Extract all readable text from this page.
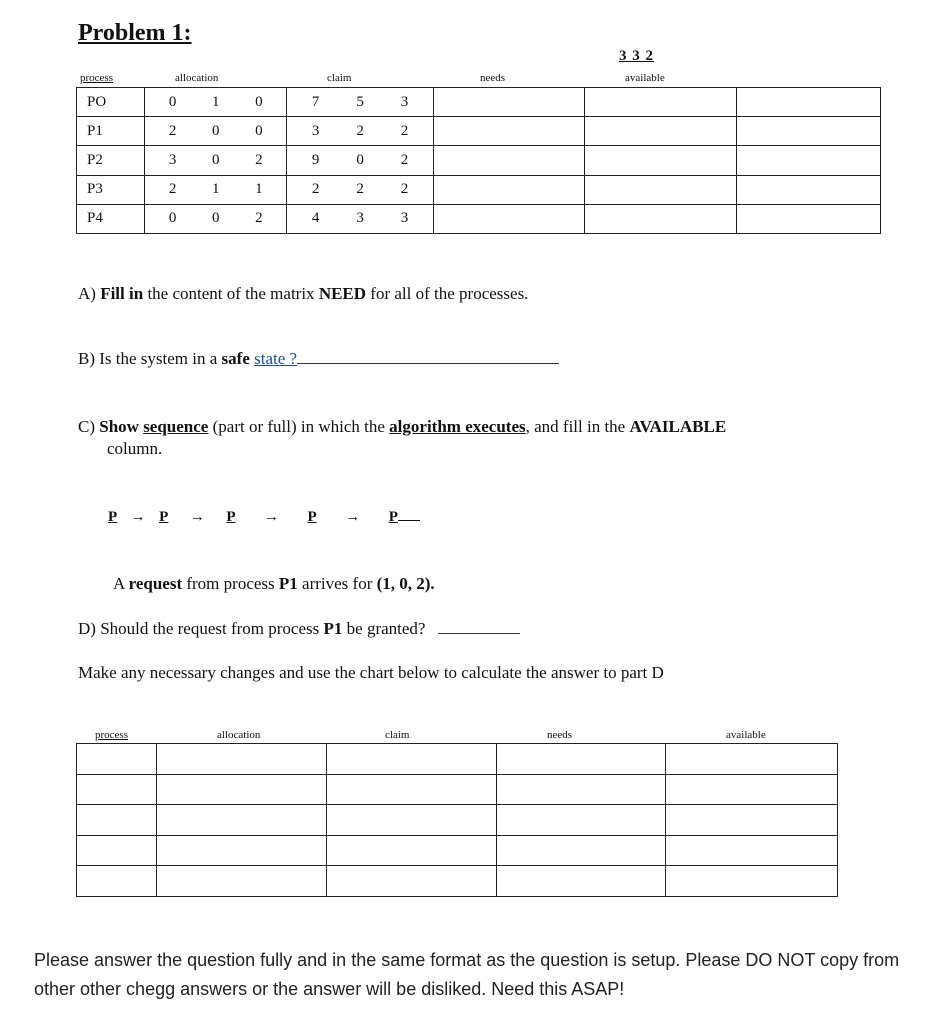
Problem 1:
process	allocation	claim	needs
3 3 2
available
PO	0 1 0	7 5 3			

P1	2 0 0	3 2 2			

P2	3 0 2	9 0 2			

P3	2 1 1	2 2 2			

P4	0 0 2	4 3 3			

A) Fill in the content of the matrix NEED for all of the processes.
B) Is the system in a safe state ?
C) Show sequence (part or full) in which the algorithm executes, and fill in the AVAILABLE
column.
P → P → P → P → P
A request from process P1 arrives for (1, 0, 2).
D) Should the request from process P1 be granted?
Make any necessary changes and use the chart below to calculate the answer to part D
process	allocation	claim	needs	available

Please answer the question fully and in the same format as the question is setup. Please DO NOT copy from other other chegg answers or the answer will be disliked. Need this ASAP!
